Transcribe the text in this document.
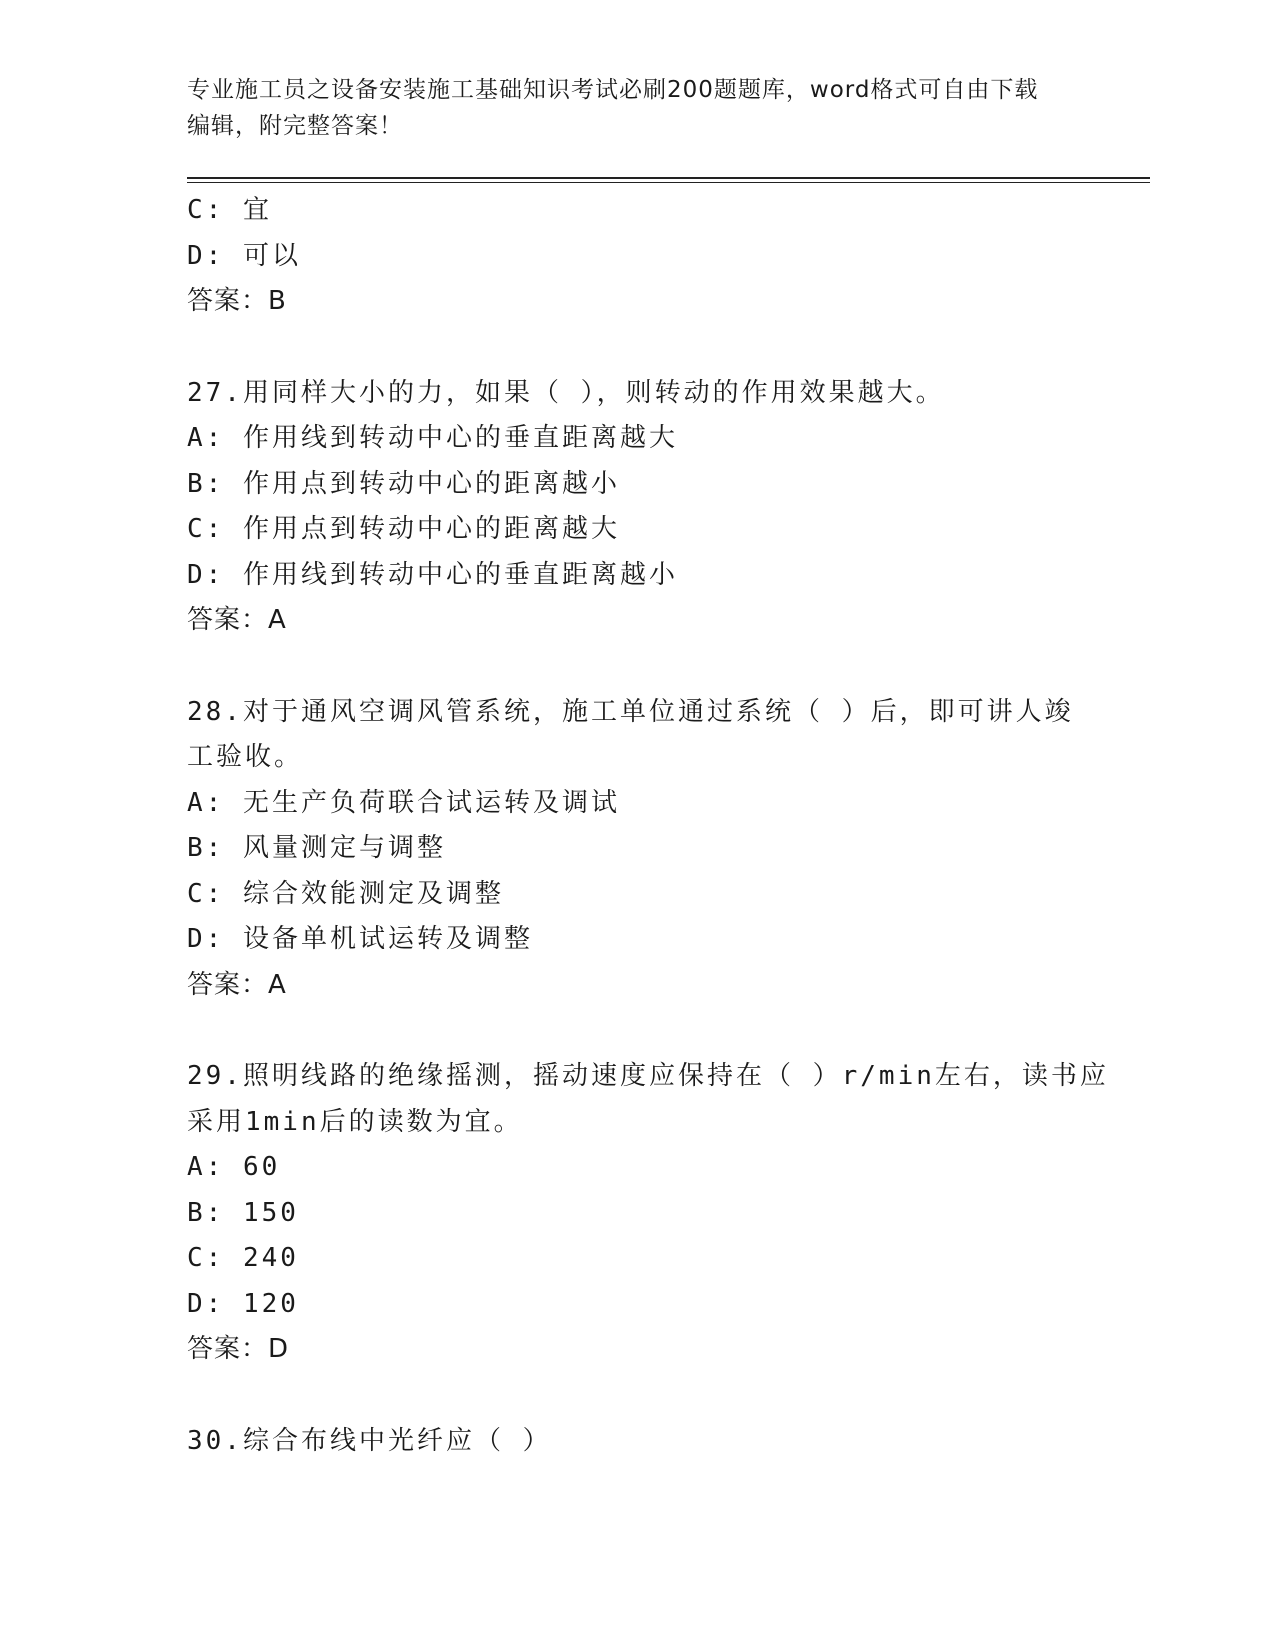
专业施工员之设备安装施工基础知识考试必刷200题题库，word格式可自由下载
编辑，附完整答案！
C: 宜
D: 可以
答案：B
27.用同样大小的力，如果（ ），则转动的作用效果越大。
A: 作用线到转动中心的垂直距离越大
B: 作用点到转动中心的距离越小
C: 作用点到转动中心的距离越大
D: 作用线到转动中心的垂直距离越小
答案：A
28.对于通风空调风管系统，施工单位通过系统（ ）后，即可讲人竣
工验收。
A: 无生产负荷联合试运转及调试
B: 风量测定与调整
C: 综合效能测定及调整
D: 设备单机试运转及调整
答案：A
29.照明线路的绝缘摇测，摇动速度应保持在（ ）r/min左右，读书应
采用1min后的读数为宜。
A: 60
B: 150
C: 240
D: 120
答案：D
30.综合布线中光纤应（ ）
